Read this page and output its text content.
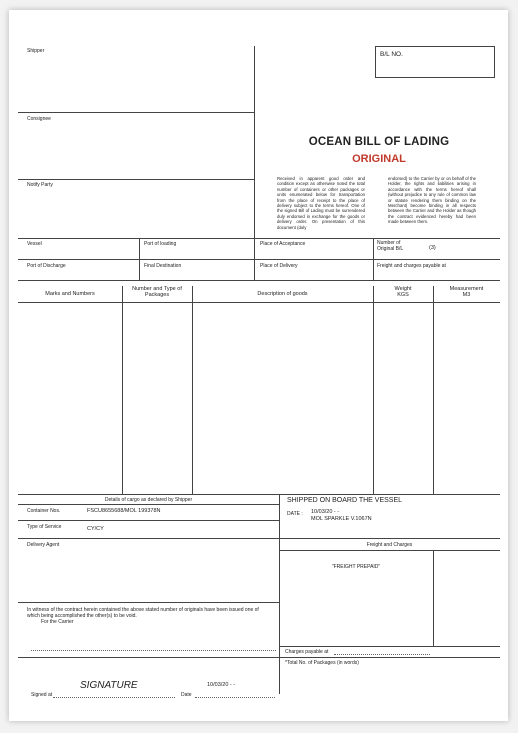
Shipper	B/L NO.
Consignee
Notify Party
OCEAN BILL OF LADING
ORIGINAL
Received in apparent good order and condition except as otherwise noted the total number of containers or other packages or units enumerated below for transportation from the place of receipt to the place of delivery subject to the terms hereof. One of the signed Bill of Lading must be surrendered duly endorsed in exchange for the goods or delivery order. On presentation of this document (duly
endorsed) to the Carrier by or on behalf of the Holder, the rights and liabilities arising in accordance with the terms hereof shall (without prejudice to any rule of common law or statute rendering them binding on the Merchant) become binding in all respects between the Carrier and the Holder as though the contract evidenced hereby had been made between them.
Vessel	Port of loading	Place of Acceptance	Number of
Original B/L	(3)
Port of Discharge	Final Destination	Place of Delivery	Freight and charges payable at
Marks and Numbers
Number and Type of
Packages	Description of goods
Weight
KGS
Measurement
M3
Details of cargo as declared by Shipper	SHIPPED ON BOARD THE VESSEL
Container Nos.	FSCU8655688/MOL 199378N
Type of Service	CY/CY
DATE : 10/03/20 - -
MOL SPARKLE V.1067N
Delivery Agent	Freight and Charges
"FREIGHT PREPAID"
In witness of the contract herein contained the above stated number of originals have been issued one of
which being accomplished the other(s) to be void.
For the Carrier
Charges payable at
*Total No. of Packages (in words)
SIGNATURE	10/03/20 - -
Signed at	Date
